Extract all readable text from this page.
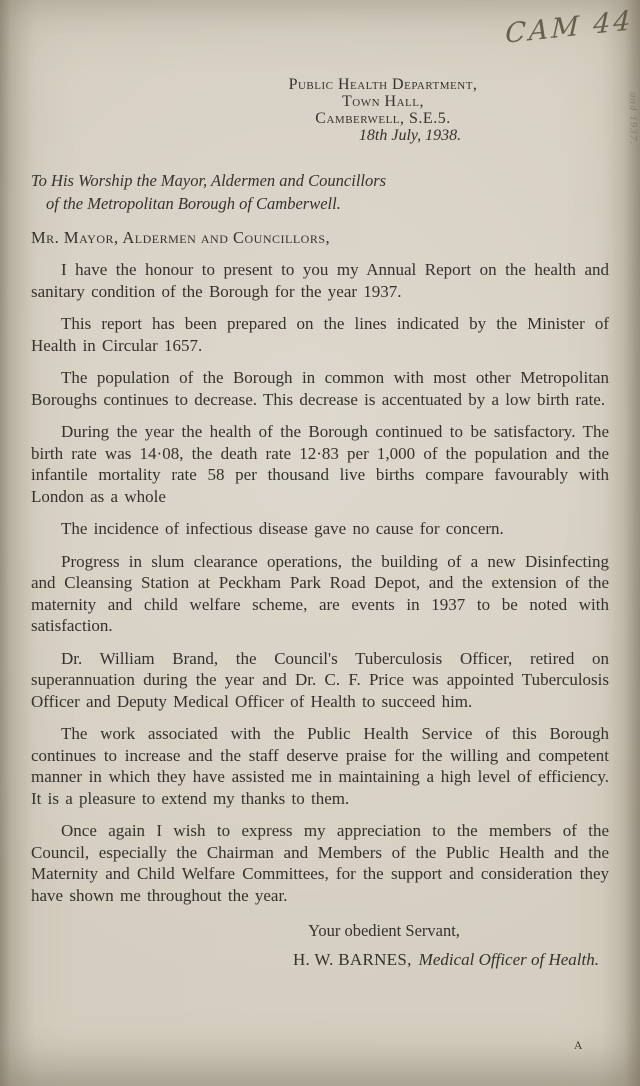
CAM 44
and 1937.
Public Health Department,
Town Hall,
Camberwell, S.E.5.
18th July, 1938.
To His Worship the Mayor, Aldermen and Councillors
of the Metropolitan Borough of Camberwell.
Mr. Mayor, Aldermen and Councillors,

I have the honour to present to you my Annual Report on the health and sanitary condition of the Borough for the year 1937.

This report has been prepared on the lines indicated by the Minister of Health in Circular 1657.

The population of the Borough in common with most other Metropolitan Boroughs continues to decrease. This decrease is accentuated by a low birth rate.

During the year the health of the Borough continued to be satisfactory. The birth rate was 14·08, the death rate 12·83 per 1,000 of the population and the infantile mortality rate 58 per thousand live births compare favourably with London as a whole

The incidence of infectious disease gave no cause for concern.

Progress in slum clearance operations, the building of a new Disinfecting and Cleansing Station at Peckham Park Road Depot, and the extension of the maternity and child welfare scheme, are events in 1937 to be noted with satisfaction.

Dr. William Brand, the Council's Tuberculosis Officer, retired on superannuation during the year and Dr. C. F. Price was appointed Tuberculosis Officer and Deputy Medical Officer of Health to succeed him.

The work associated with the Public Health Service of this Borough continues to increase and the staff deserve praise for the willing and competent manner in which they have assisted me in maintaining a high level of efficiency. It is a pleasure to extend my thanks to them.

Once again I wish to express my appreciation to the members of the Council, especially the Chairman and Members of the Public Health and the Maternity and Child Welfare Committees, for the support and consideration they have shown me throughout the year.

Your obedient Servant,
H. W. BARNES, Medical Officer of Health.
A
